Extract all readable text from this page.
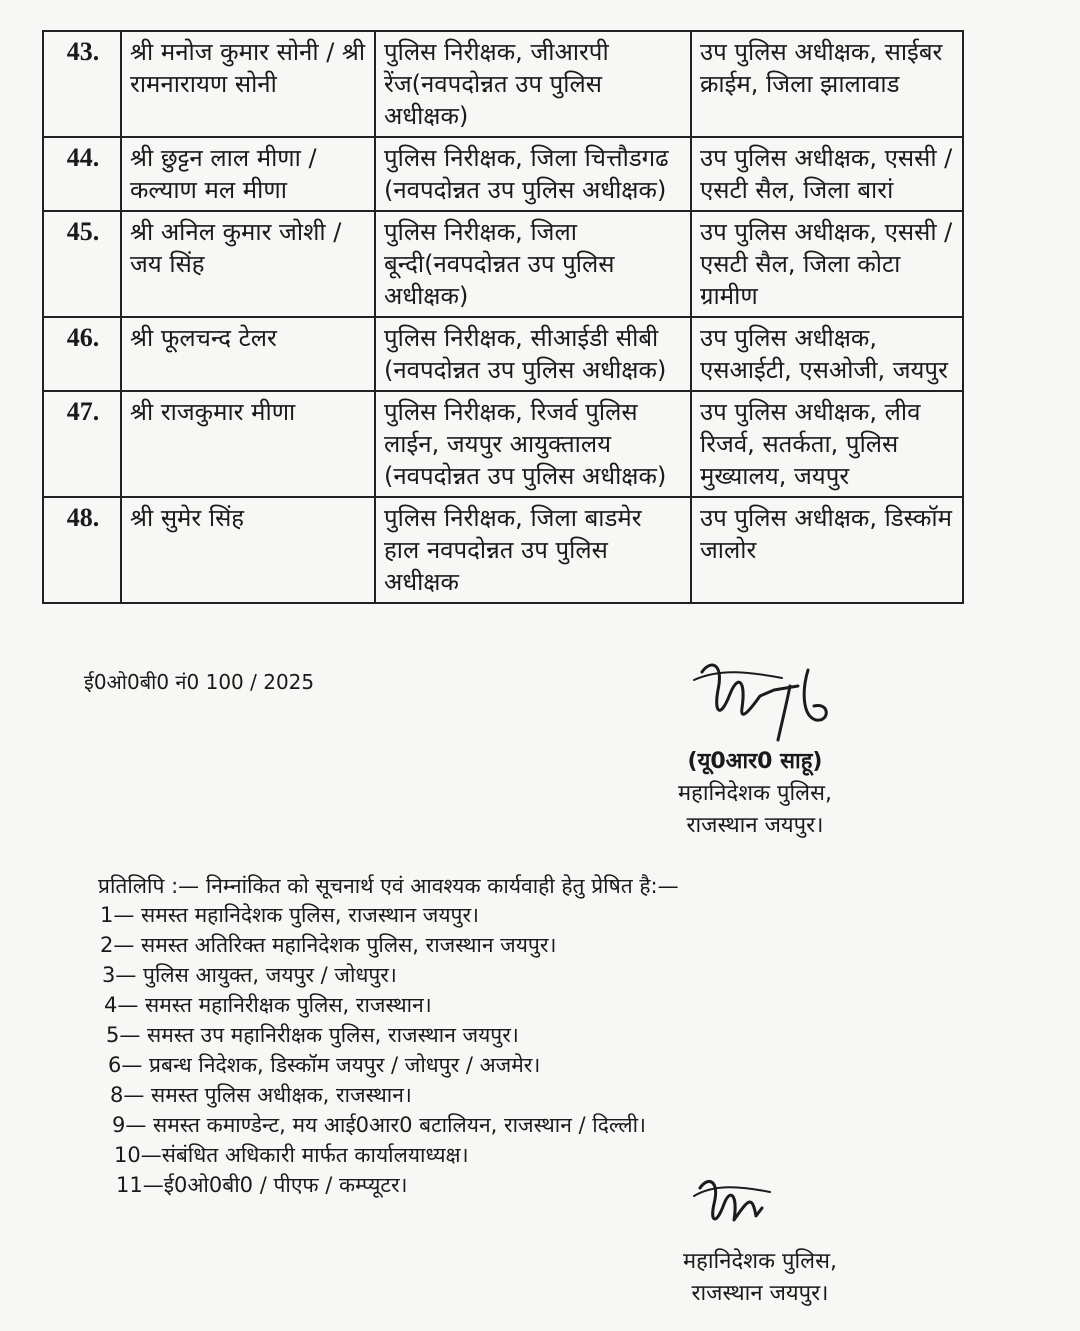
43.	श्री मनोज कुमार सोनी / श्री रामनारायण सोनी	पुलिस निरीक्षक, जीआरपी रेंज(नवपदोन्नत उप पुलिस अधीक्षक)	उप पुलिस अधीक्षक, साईबर क्राईम, जिला झालावाड
44.	श्री छुट्टन लाल मीणा / कल्याण मल मीणा	पुलिस निरीक्षक, जिला चित्तौडगढ (नवपदोन्नत उप पुलिस अधीक्षक)	उप पुलिस अधीक्षक, एससी / एसटी सैल, जिला बारां
45.	श्री अनिल कुमार जोशी / जय सिंह	पुलिस निरीक्षक, जिला बून्दी(नवपदोन्नत उप पुलिस अधीक्षक)	उप पुलिस अधीक्षक, एससी / एसटी सैल, जिला कोटा ग्रामीण
46.	श्री फूलचन्द टेलर	पुलिस निरीक्षक, सीआईडी सीबी (नवपदोन्नत उप पुलिस अधीक्षक)	उप पुलिस अधीक्षक, एसआईटी, एसओजी, जयपुर
47.	श्री राजकुमार मीणा	पुलिस निरीक्षक, रिजर्व पुलिस लाईन, जयपुर आयुक्तालय (नवपदोन्नत उप पुलिस अधीक्षक)	उप पुलिस अधीक्षक, लीव रिजर्व, सतर्कता, पुलिस मुख्यालय, जयपुर
48.	श्री सुमेर सिंह	पुलिस निरीक्षक, जिला बाडमेर हाल नवपदोन्नत उप पुलिस अधीक्षक	उप पुलिस अधीक्षक, डिस्कॉम जालोर
ई0ओ0बी0 नं0 100 / 2025
(यू0आर0 साहू)
महानिदेशक पुलिस,
राजस्थान जयपुर।
प्रतिलिपि :— निम्नांकित को सूचनार्थ एवं आवश्यक कार्यवाही हेतु प्रेषित है:—
1— समस्त महानिदेशक पुलिस, राजस्थान जयपुर।
2— समस्त अतिरिक्त महानिदेशक पुलिस, राजस्थान जयपुर।
3— पुलिस आयुक्त, जयपुर / जोधपुर।
4— समस्त महानिरीक्षक पुलिस, राजस्थान।
5— समस्त उप महानिरीक्षक पुलिस, राजस्थान जयपुर।
6— प्रबन्ध निदेशक, डिस्कॉम जयपुर / जोधपुर / अजमेर।
8— समस्त पुलिस अधीक्षक, राजस्थान।
9— समस्त कमाण्डेन्ट, मय आई0आर0 बटालियन, राजस्थान / दिल्ली।
10—संबंधित अधिकारी मार्फत कार्यालयाध्यक्ष।
11—ई0ओ0बी0 / पीएफ / कम्प्यूटर।
महानिदेशक पुलिस,
राजस्थान जयपुर।
